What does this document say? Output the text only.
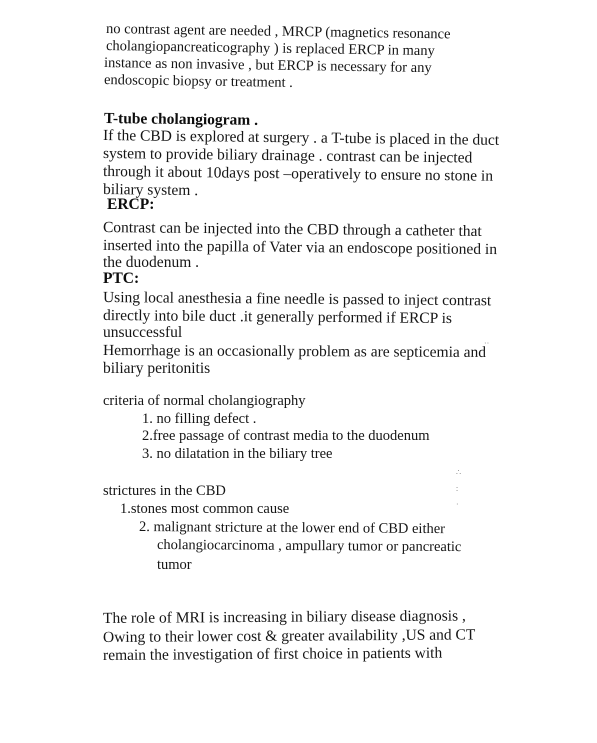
no contrast agent are needed , MRCP (magnetics resonance
cholangiopancreaticography ) is replaced ERCP in many
instance as non invasive , but ERCP is necessary for any
endoscopic biopsy or treatment .
T-tube cholangiogram .
If the CBD is explored at surgery . a T-tube is placed in the duct
system to provide biliary drainage . contrast can be injected
through it about 10days post –operatively to ensure no stone in
biliary system .
ERCP:
Contrast can be injected into the CBD through a catheter that
inserted into the papilla of Vater via an endoscope positioned in
the duodenum .
PTC:
Using local anesthesia a fine needle is passed to inject contrast
directly into bile duct .it generally performed if ERCP is
unsuccessful
Hemorrhage is an occasionally problem as are septicemia and
biliary peritonitis
criteria of normal cholangiography
1. no filling defect .
2.free passage of contrast media to the duodenum
3. no dilatation in the biliary tree
∴
∶
·
··
strictures in the CBD
1.stones most common cause
2. malignant stricture at the lower end of CBD either
cholangiocarcinoma , ampullary tumor or pancreatic
tumor
The role of MRI is increasing in biliary disease diagnosis ,
Owing to their lower cost & greater availability ,US and CT
remain the investigation of first choice in patients with
